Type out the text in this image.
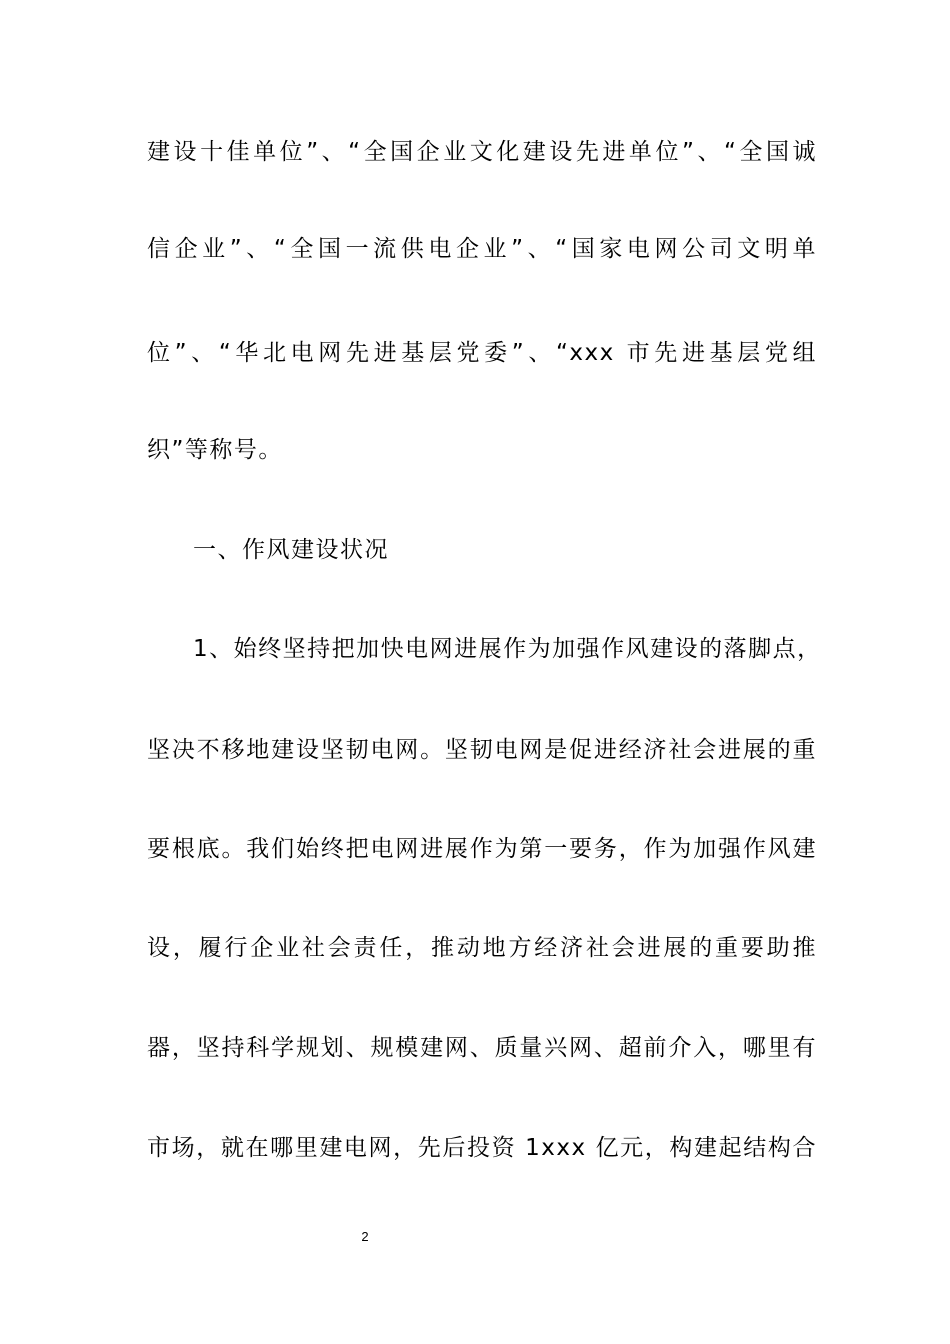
建设十佳单位”、“全国企业文化建设先进单位”、“全国诚
信企业”、“全国一流供电企业”、“国家电网公司文明单
位”、“华北电网先进基层党委”、“xxx 市先进基层党组
织”等称号。
一、作风建设状况
1、始终坚持把加快电网进展作为加强作风建设的落脚点，
坚决不移地建设坚韧电网。坚韧电网是促进经济社会进展的重
要根底。我们始终把电网进展作为第一要务，作为加强作风建
设，履行企业社会责任，推动地方经济社会进展的重要助推
器，坚持科学规划、规模建网、质量兴网、超前介入，哪里有
市场，就在哪里建电网，先后投资 1xxx 亿元，构建起结构合
2
